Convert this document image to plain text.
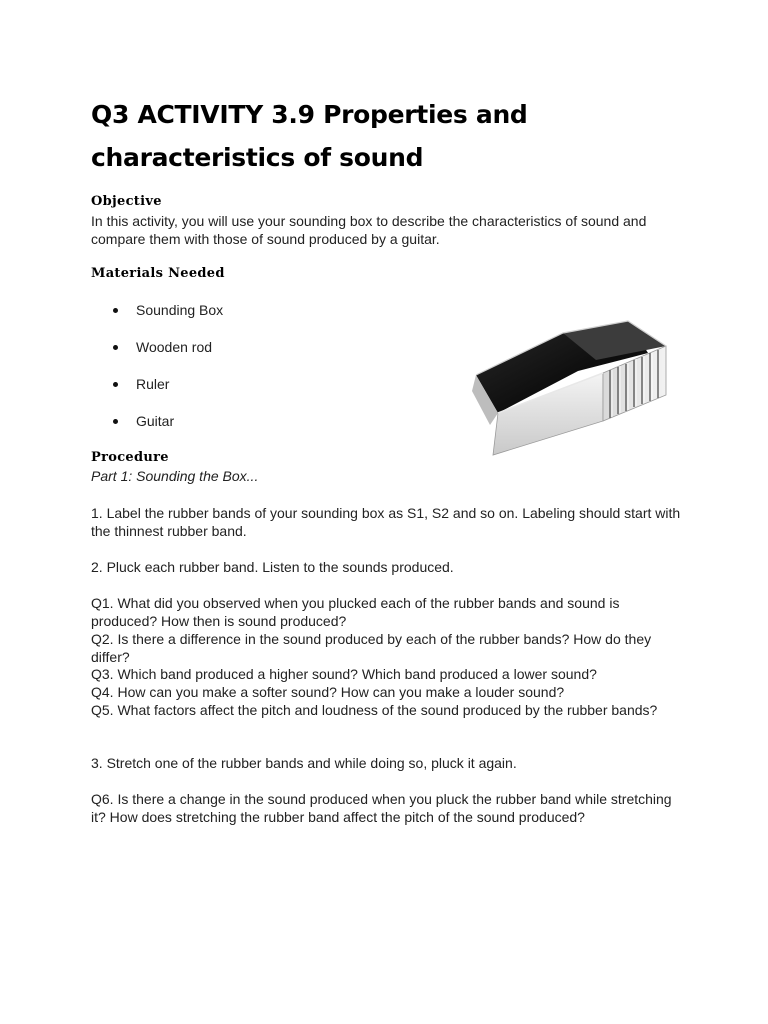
Q3 ACTIVITY 3.9 Properties and characteristics of sound
Objective

In this activity, you will use your sounding box to describe the characteristics of sound and compare them with those of sound produced by a guitar.

Materials Needed
Sounding Box
Wooden rod
Ruler
Guitar
Procedure

Part 1: Sounding the Box...

1. Label the rubber bands of your sounding box as S1, S2 and so on. Labeling should start with the thinnest rubber band.

2. Pluck each rubber band. Listen to the sounds produced.

Q1. What did you observed when you plucked each of the rubber bands and sound is produced? How then is sound produced?

Q2. Is there a difference in the sound produced by each of the rubber bands? How do they differ?

Q3. Which band produced a higher sound? Which band produced a lower sound?

Q4. How can you make a softer sound? How can you make a louder sound?

Q5. What factors affect the pitch and loudness of the sound produced by the rubber bands?

3. Stretch one of the rubber bands and while doing so, pluck it again.

Q6. Is there a change in the sound produced when you pluck the rubber band while stretching it? How does stretching the rubber band affect the pitch of the sound produced?
